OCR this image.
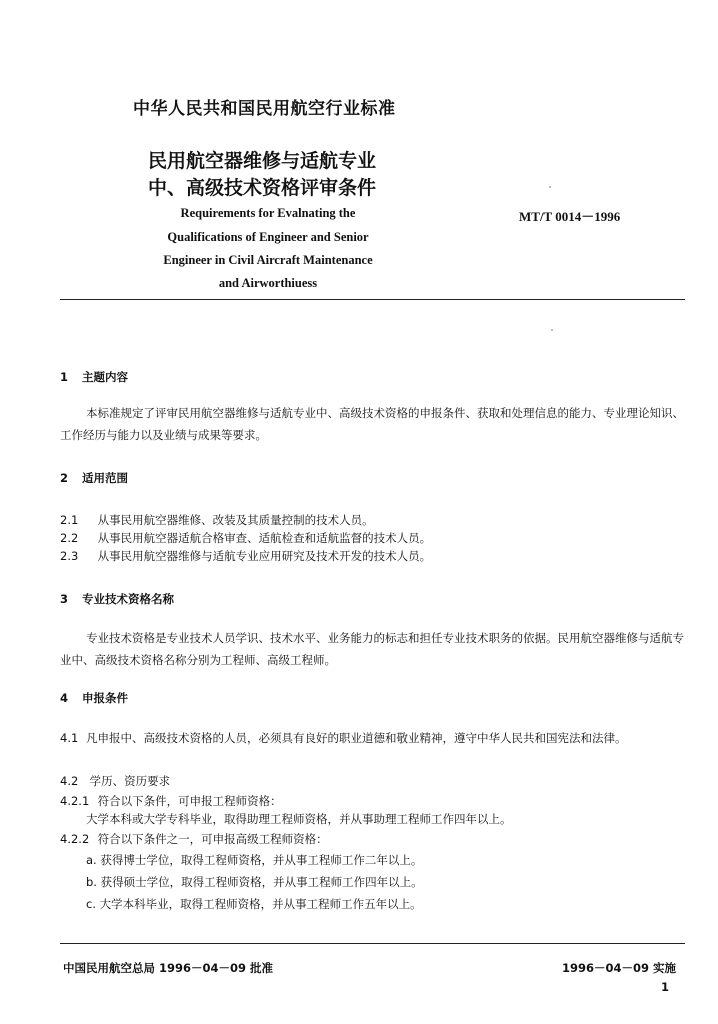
中华人民共和国民用航空行业标准
民用航空器维修与适航专业
中、高级技术资格评审条件
Requirements for Evalnating the
Qualifications of Engineer and Senior
Engineer in Civil Aircraft Maintenance
and Airworthiuess
MT/T 0014－1996
1 主题内容
本标准规定了评审民用航空器维修与适航专业中、高级技术资格的申报条件、获取和处理信息的能力、专业理论知识、工作经历与能力以及业绩与成果等要求。
2 适用范围
2.1 从事民用航空器维修、改装及其质量控制的技术人员。
2.2 从事民用航空器适航合格审查、适航检查和适航监督的技术人员。
2.3 从事民用航空器维修与适航专业应用研究及技术开发的技术人员。
3 专业技术资格名称
专业技术资格是专业技术人员学识、技术水平、业务能力的标志和担任专业技术职务的依据。民用航空器维修与适航专业中、高级技术资格名称分别为工程师、高级工程师。
4 申报条件
4.1 凡申报中、高级技术资格的人员，必须具有良好的职业道德和敬业精神，遵守中华人民共和国宪法和法律。
4.2 学历、资历要求
4.2.1 符合以下条件，可申报工程师资格：
大学本科或大学专科毕业，取得助理工程师资格，并从事助理工程师工作四年以上。
4.2.2 符合以下条件之一，可申报高级工程师资格：
a. 获得博士学位，取得工程师资格，并从事工程师工作二年以上。
b. 获得硕士学位，取得工程师资格，并从事工程师工作四年以上。
c. 大学本科毕业，取得工程师资格，并从事工程师工作五年以上。
中国民用航空总局 1996－04－09 批准	1996－04－09 实施
1
